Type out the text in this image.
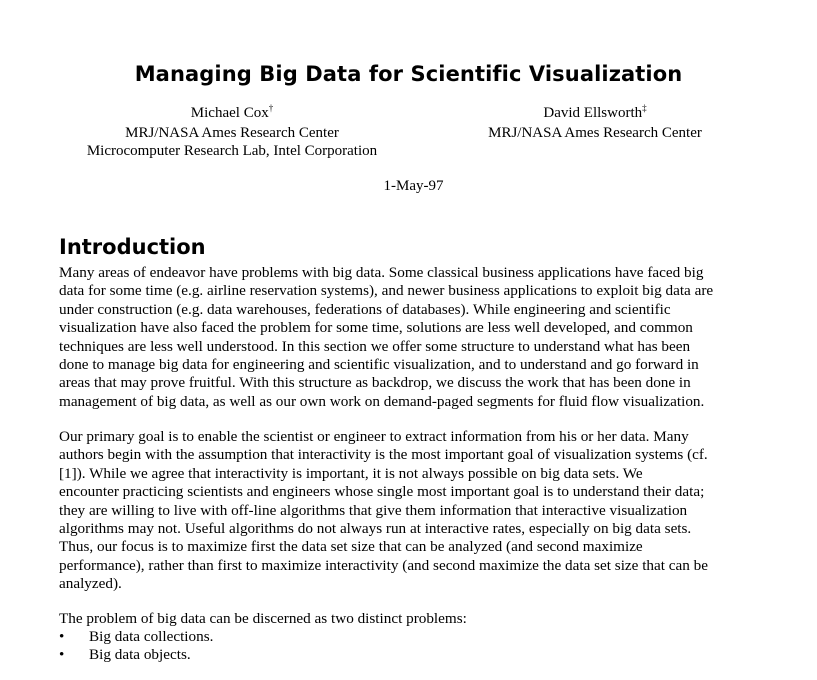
Managing Big Data for Scientific Visualization
Michael Cox†
MRJ/NASA Ames Research Center
Microcomputer Research Lab, Intel Corporation
David Ellsworth‡
MRJ/NASA Ames Research Center
1-May-97
Introduction
Many areas of endeavor have problems with big data. Some classical business applications have faced big
data for some time (e.g. airline reservation systems), and newer business applications to exploit big data are
under construction (e.g. data warehouses, federations of databases). While engineering and scientific
visualization have also faced the problem for some time, solutions are less well developed, and common
techniques are less well understood. In this section we offer some structure to understand what has been
done to manage big data for engineering and scientific visualization, and to understand and go forward in
areas that may prove fruitful. With this structure as backdrop, we discuss the work that has been done in
management of big data, as well as our own work on demand-paged segments for fluid flow visualization.
Our primary goal is to enable the scientist or engineer to extract information from his or her data. Many
authors begin with the assumption that interactivity is the most important goal of visualization systems (cf.
[1]). While we agree that interactivity is important, it is not always possible on big data sets. We
encounter practicing scientists and engineers whose single most important goal is to understand their data;
they are willing to live with off-line algorithms that give them information that interactive visualization
algorithms may not. Useful algorithms do not always run at interactive rates, especially on big data sets.
Thus, our focus is to maximize first the data set size that can be analyzed (and second maximize
performance), rather than first to maximize interactivity (and second maximize the data set size that can be
analyzed).
The problem of big data can be discerned as two distinct problems:
• Big data collections.
• Big data objects.
